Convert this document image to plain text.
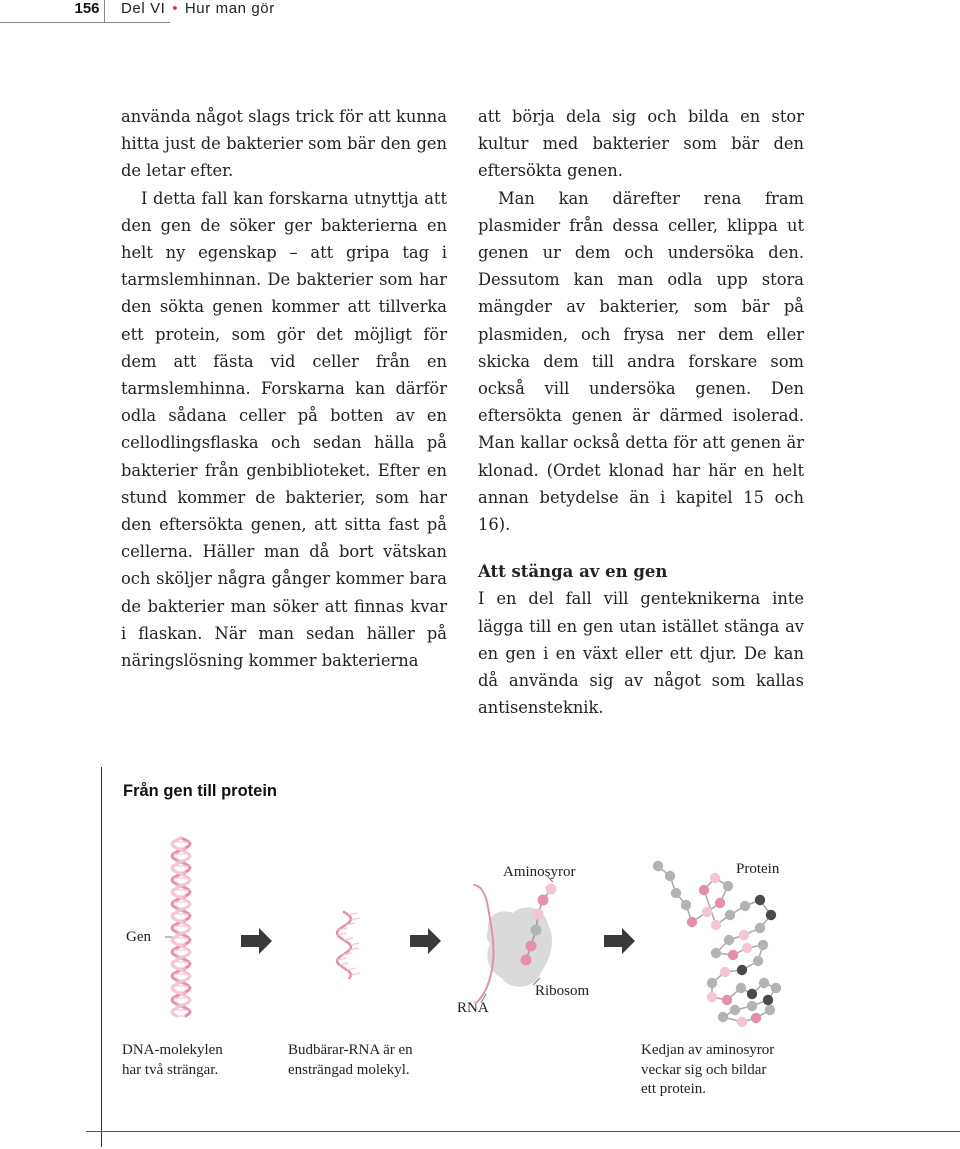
156	Del VI • Hur man gör

använda något slags trick för att kunna hitta just de bakterier som bär den gen de letar efter.

I detta fall kan forskarna utnyttja att den gen de söker ger bakterierna en helt ny egenskap – att gripa tag i tarmslemhinnan. De bakterier som har den sökta genen kommer att tillverka ett protein, som gör det möjligt för dem att fästa vid celler från en tarmslemhinna. Forskarna kan därför odla sådana celler på botten av en cellodlingsflaska och sedan hälla på bakterier från genbiblioteket. Efter en stund kommer de bakterier, som har den eftersökta genen, att sitta fast på cellerna. Häller man då bort vätskan och sköljer några gånger kommer bara de bakterier man söker att finnas kvar i flaskan. När man sedan häller på näringslösning kommer bakterierna

att börja dela sig och bilda en stor kultur med bakterier som bär den eftersökta genen.

Man kan därefter rena fram plasmider från dessa celler, klippa ut genen ur dem och undersöka den. Dessutom kan man odla upp stora mängder av bakterier, som bär på plasmiden, och frysa ner dem eller skicka dem till andra forskare som också vill undersöka genen. Den eftersökta genen är därmed isolerad. Man kallar också detta för att genen är klonad. (Ordet klonad har här en helt annan betydelse än i kapitel 15 och 16).

Att stänga av en gen

I en del fall vill genteknikerna inte lägga till en gen utan istället stänga av en gen i en växt eller ett djur. De kan då använda sig av något som kallas antisensteknik.

Från gen till protein
Gen
Aminosyror	Protein
RNA
Ribosom
DNA-molekylen
har två strängar.
Budbärar-RNA är en
ensträngad molekyl.
Kedjan av aminosyror
veckar sig och bildar
ett protein.
